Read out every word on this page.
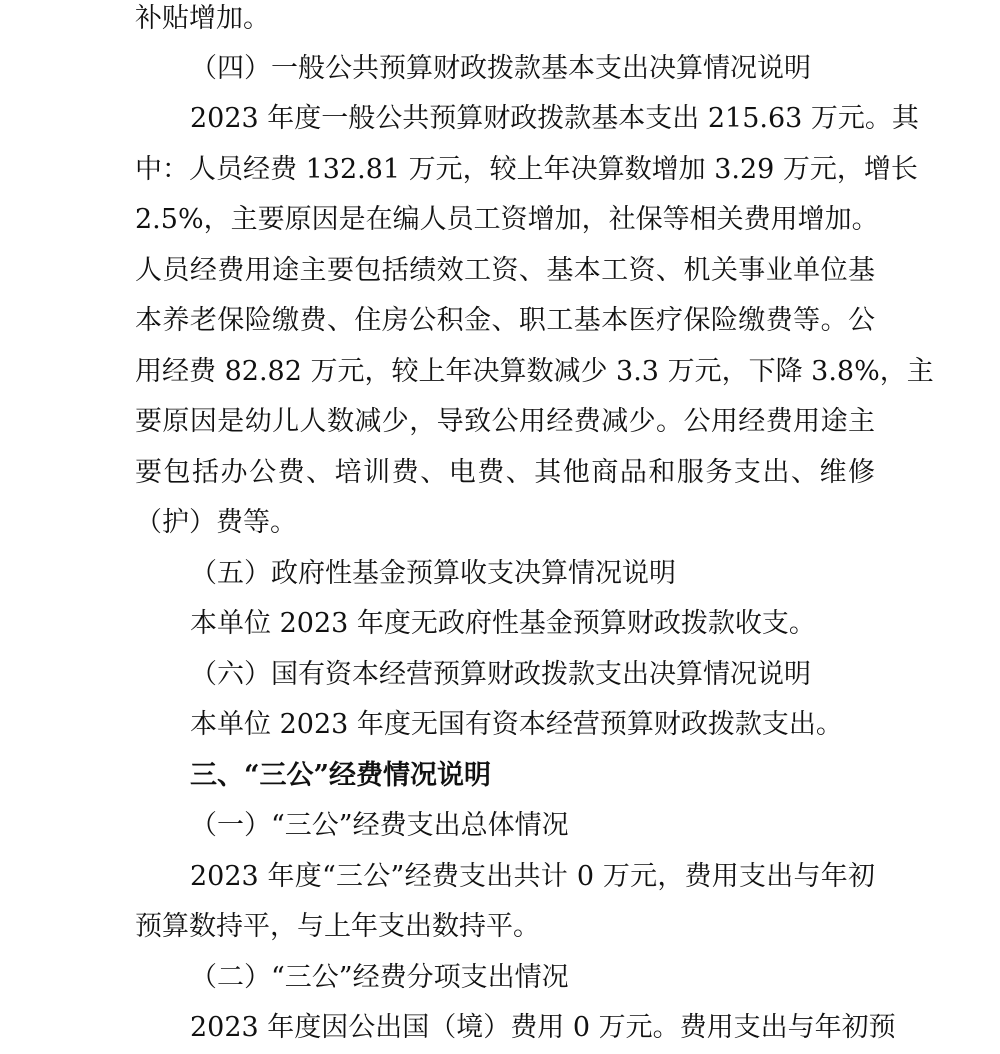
补贴增加。

（四）一般公共预算财政拨款基本支出决算情况说明

2023 年度一般公共预算财政拨款基本支出 215.63 万元。其

中：人员经费 132.81 万元，较上年决算数增加 3.29 万元，增长

2.5%，主要原因是在编人员工资增加，社保等相关费用增加。

人员经费用途主要包括绩效工资、基本工资、机关事业单位基

本养老保险缴费、住房公积金、职工基本医疗保险缴费等。公

用经费 82.82 万元，较上年决算数减少 3.3 万元，下降 3.8%，主

要原因是幼儿人数减少，导致公用经费减少。公用经费用途主

要包括办公费、培训费、电费、其他商品和服务支出、维修

（护）费等。

（五）政府性基金预算收支决算情况说明

本单位 2023 年度无政府性基金预算财政拨款收支。

（六）国有资本经营预算财政拨款支出决算情况说明

本单位 2023 年度无国有资本经营预算财政拨款支出。

三、“三公”经费情况说明

（一）“三公”经费支出总体情况

2023 年度“三公”经费支出共计 0 万元，费用支出与年初

预算数持平，与上年支出数持平。

（二）“三公”经费分项支出情况

2023 年度因公出国（境）费用 0 万元。费用支出与年初预
